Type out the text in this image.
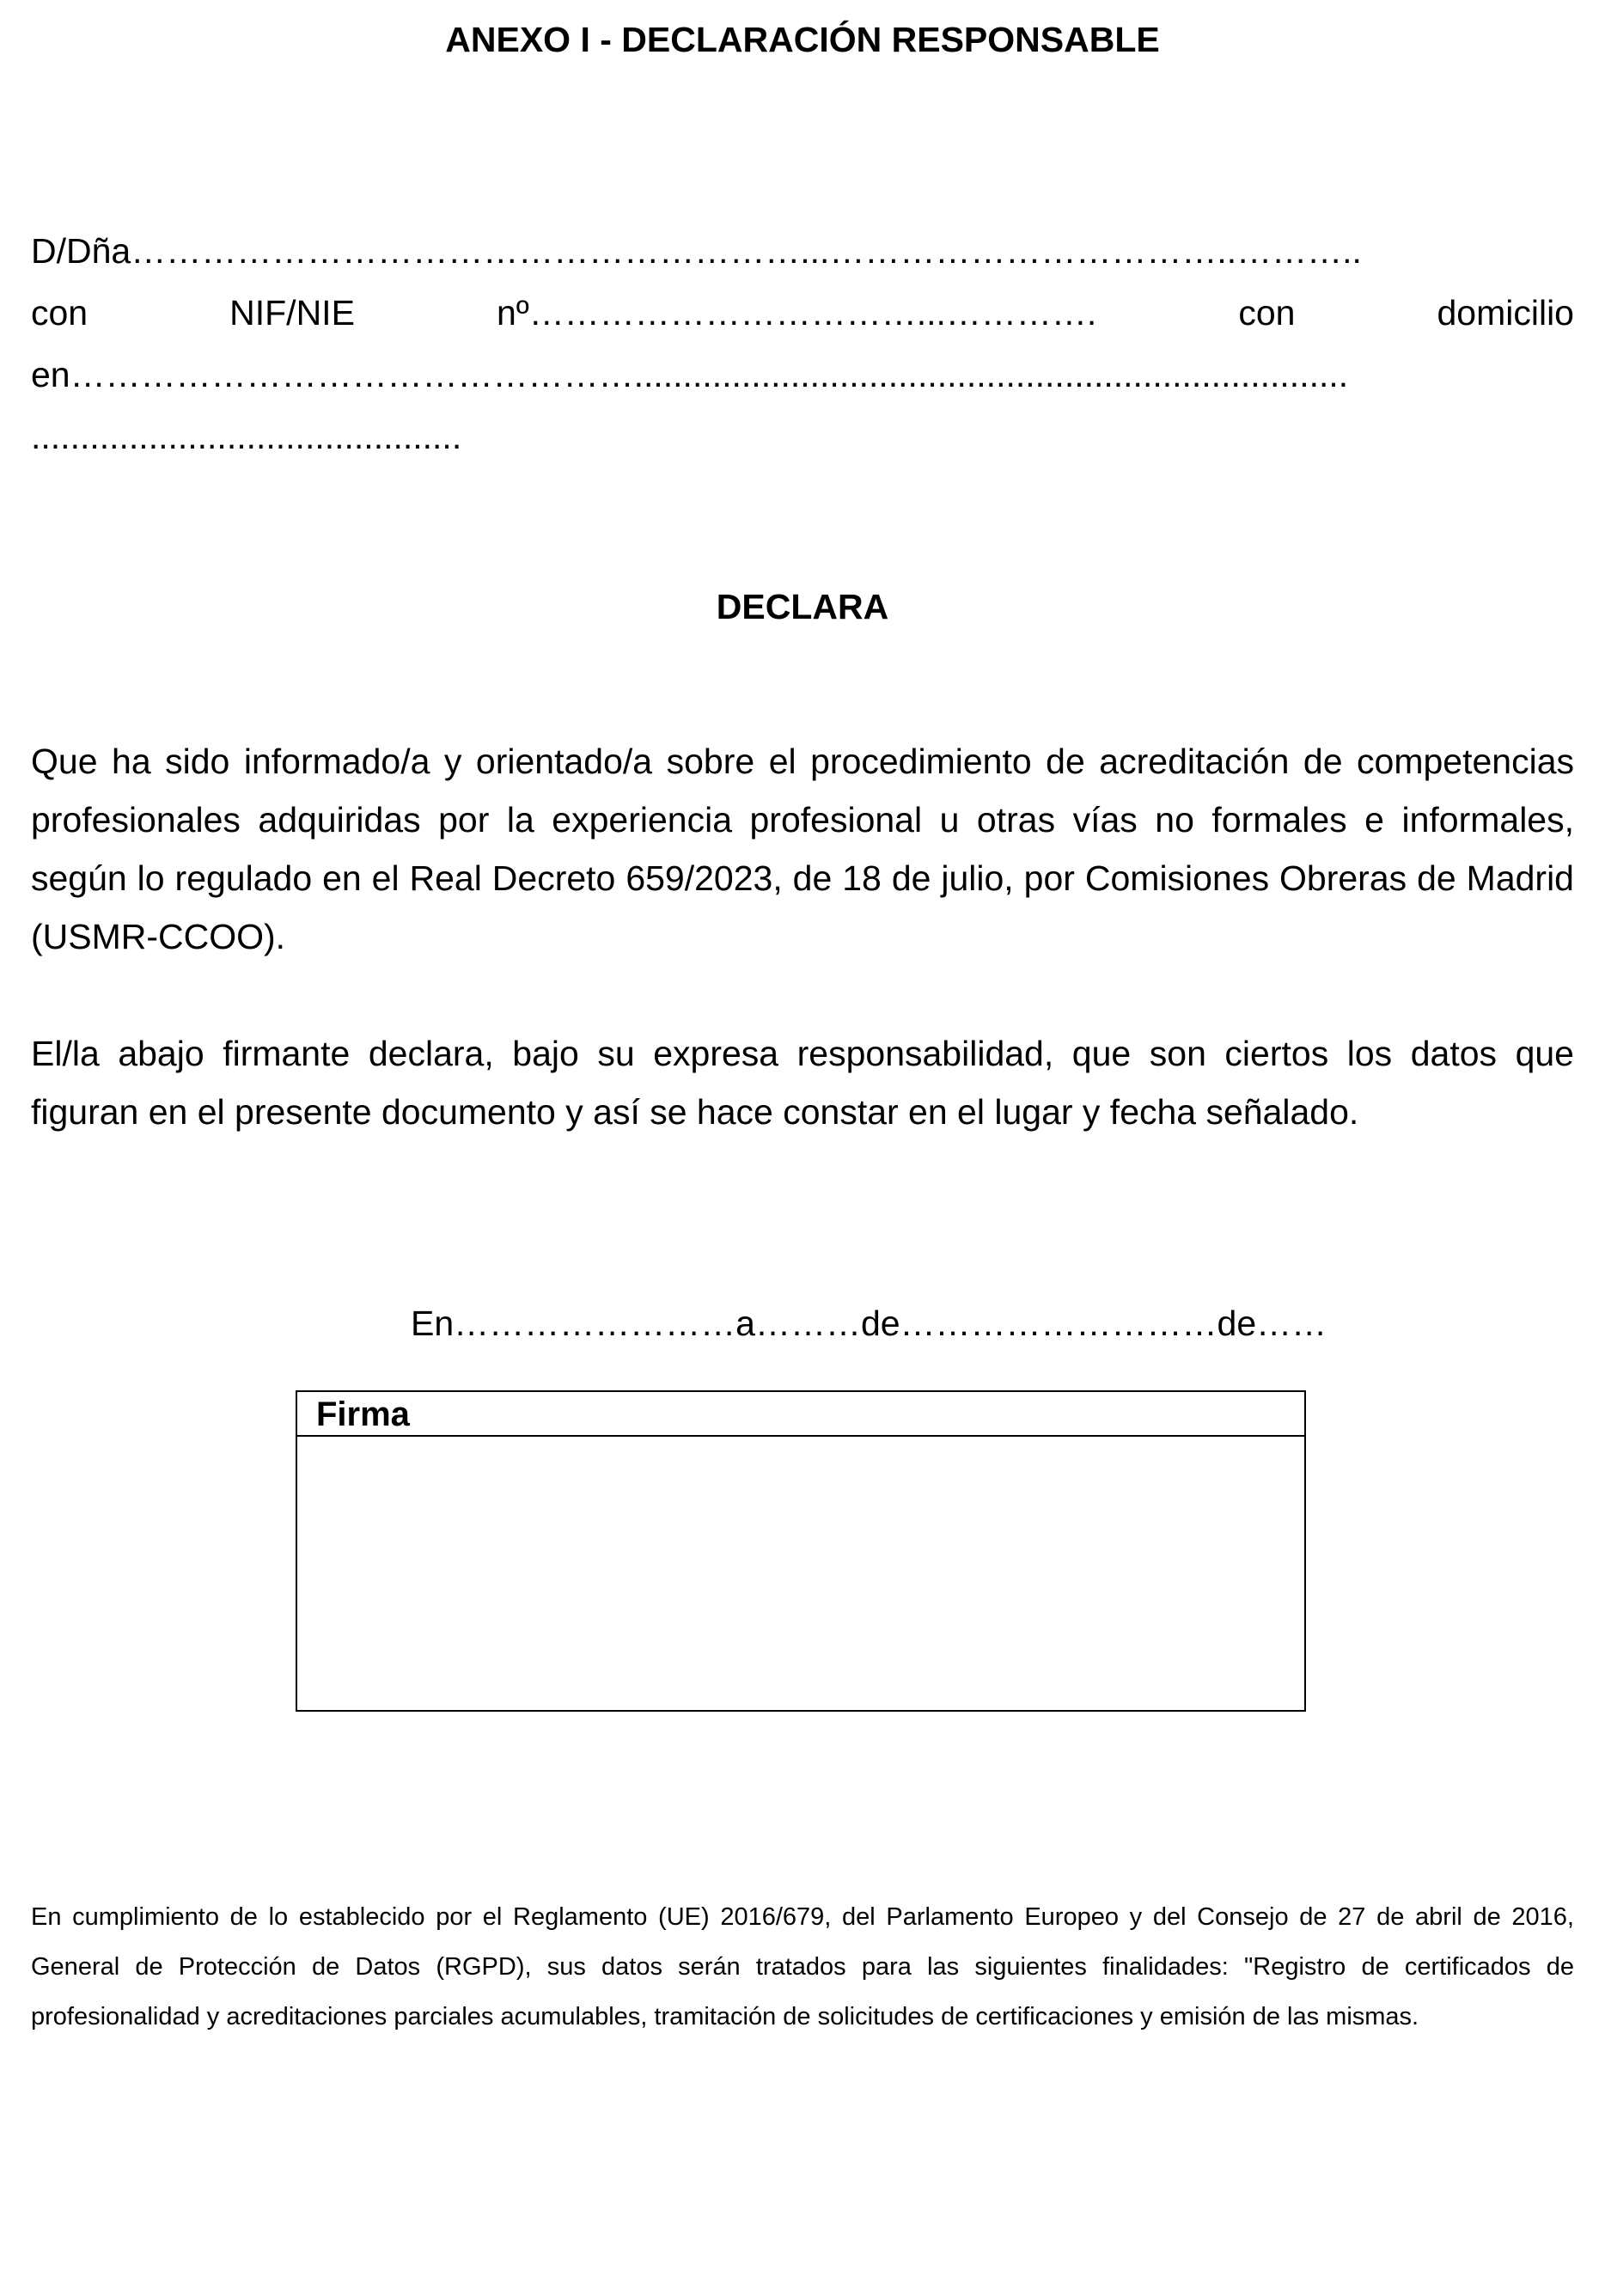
ANEXO I - DECLARACIÓN RESPONSABLE
D/Dña…………………………………………………...……………………………..………..
con	NIF/NIE	nº……………………………...………….	con	domicilio
en………………………………………….........................................................................
............................................
DECLARA

Que ha sido informado/a y orientado/a sobre el procedimiento de acreditación de competencias profesionales adquiridas por la experiencia profesional u otras vías no formales e informales, según lo regulado en el Real Decreto 659/2023, de 18 de julio, por Comisiones Obreras de Madrid (USMR-CCOO).

El/la abajo firmante declara, bajo su expresa responsabilidad, que son ciertos los datos que figuran en el presente documento y así se hace constar en el lugar y fecha señalado.

En……………………a………de………………………de……
Firma

En cumplimiento de lo establecido por el Reglamento (UE) 2016/679, del Parlamento Europeo y del Consejo de 27 de abril de 2016, General de Protección de Datos (RGPD), sus datos serán tratados para las siguientes finalidades: "Registro de certificados de profesionalidad y acreditaciones parciales acumulables, tramitación de solicitudes de certificaciones y emisión de las mismas.
